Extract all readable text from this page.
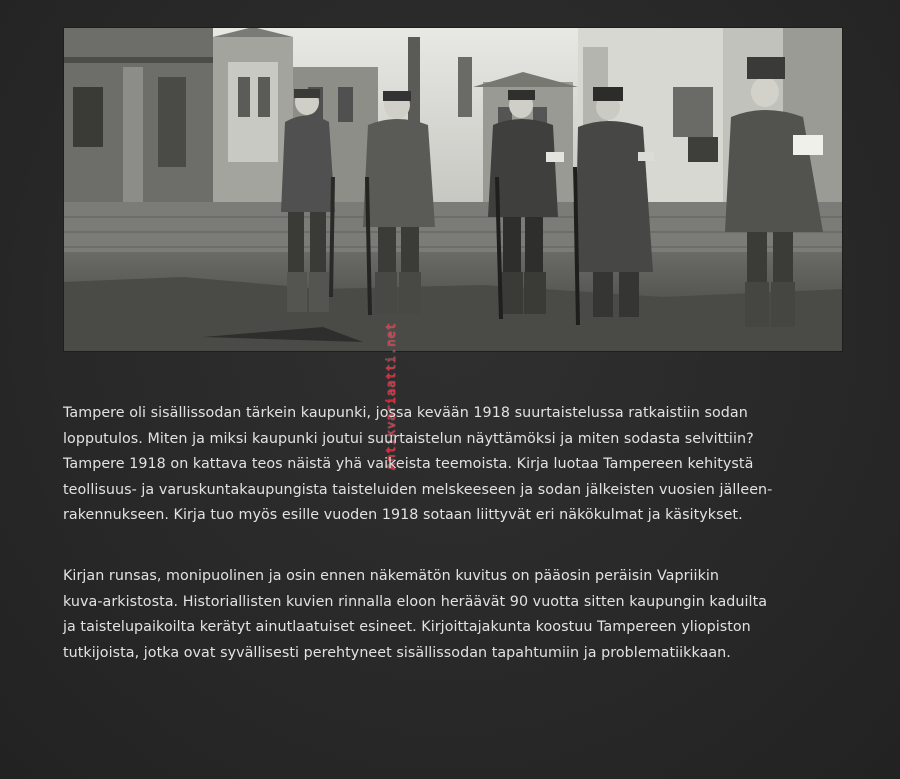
Antikvariaatti.net
Tampere oli sisällissodan tärkein kaupunki, jossa kevään 1918 suurtaistelussa ratkaistiin sodan
lopputulos. Miten ja miksi kaupunki joutui suurtaistelun näyttämöksi ja miten sodasta selvittiin?
Tampere 1918 on kattava teos näistä yhä vaikeista teemoista. Kirja luotaa Tampereen kehitystä
teollisuus- ja varuskuntakaupungista taisteluiden melskeeseen ja sodan jälkeisten vuosien jälleen-
rakennukseen. Kirja tuo myös esille vuoden 1918 sotaan liittyvät eri näkökulmat ja käsitykset.
Kirjan runsas, monipuolinen ja osin ennen näkemätön kuvitus on pääosin peräisin Vapriikin
kuva-arkistosta. Historiallisten kuvien rinnalla eloon heräävät 90 vuotta sitten kaupungin kaduilta
ja taistelupaikoilta kerätyt ainutlaatuiset esineet. Kirjoittajakunta koostuu Tampereen yliopiston
tutkijoista, jotka ovat syvällisesti perehtyneet sisällissodan tapahtumiin ja problematiikkaan.
